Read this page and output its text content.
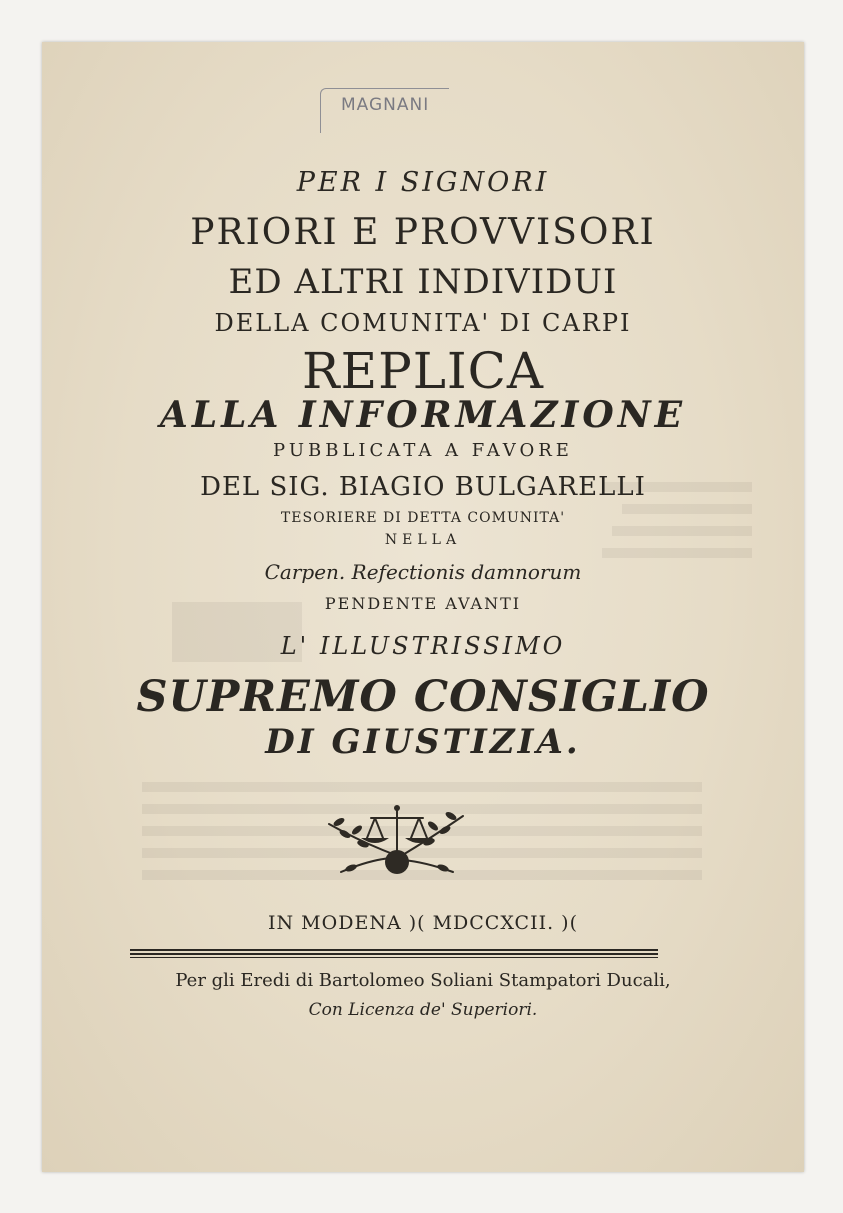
MAGNANI
PER I SIGNORI
PRIORI E PROVVISORI
ED ALTRI INDIVIDUI
DELLA COMUNITA' DI CARPI
REPLICA
ALLA INFORMAZIONE
PUBBLICATA A FAVORE
DEL SIG. BIAGIO BULGARELLI
TESORIERE DI DETTA COMUNITA'
NELLA
Carpen. Refectionis damnorum
PENDENTE AVANTI
L' ILLUSTRISSIMO
SUPREMO CONSIGLIO
DI GIUSTIZIA.
IN MODENA )( MDCCXCII. )(
Per gli Eredi di Bartolomeo Soliani Stampatori Ducali,
Con Licenza de' Superiori.
